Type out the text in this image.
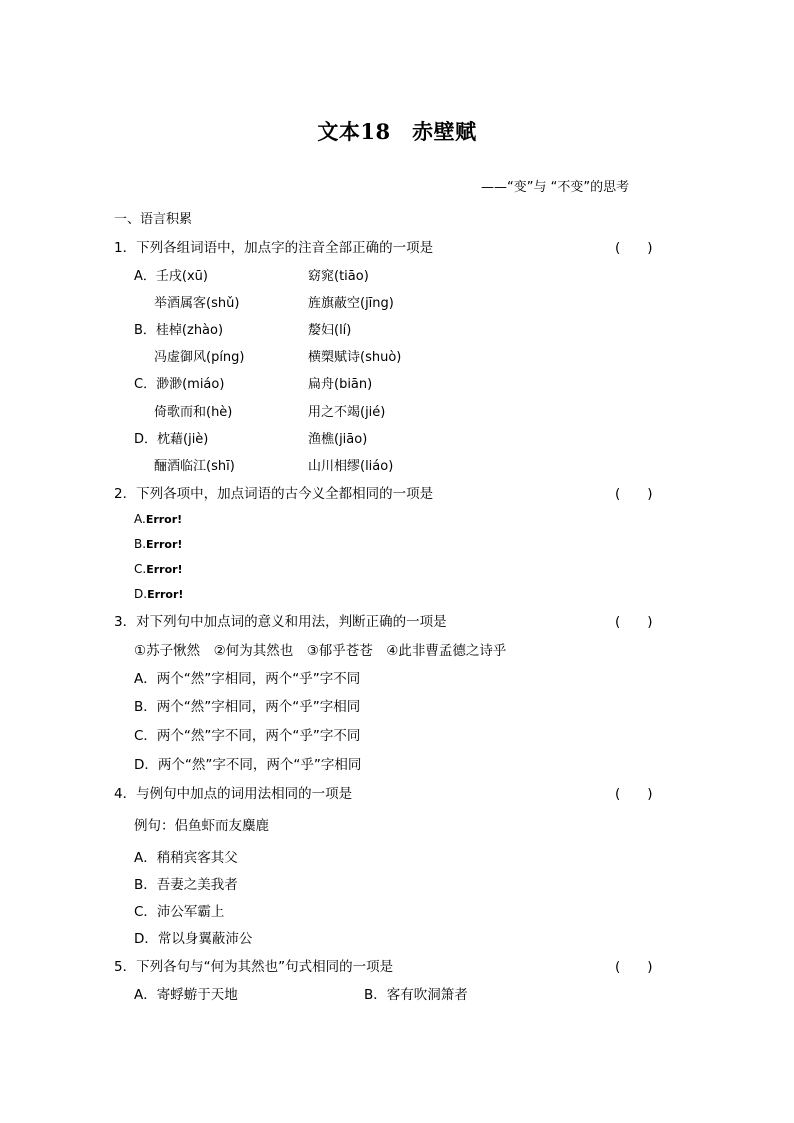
文本18　赤壁赋
——“变”与 “不变”的思考
一、语言积累
1．下列各组词语中，加点字的注音全部正确的一项是	(　　)
A．壬戌(xū)	窈窕(tiāo)
举酒属客(shǔ)	旌旗蔽空(jīng)
B．桂棹(zhào)	嫠妇(lí)
冯虚御风(píng)	横槊赋诗(shuò)
C．渺渺(miáo)	扁舟(biān)
倚歌而和(hè)	用之不竭(jié)
D．枕藉(jiè)	渔樵(jiāo)
酾酒临江(shī)	山川相缪(liáo)
2．下列各项中，加点词语的古今义全都相同的一项是	(　　)
A.Error!
B.Error!
C.Error!
D.Error!
3．对下列句中加点词的意义和用法，判断正确的一项是	(　　)
①苏子愀然　②何为其然也　③郁乎苍苍　④此非曹孟德之诗乎
A．两个“然”字相同，两个“乎”字不同
B．两个“然”字相同，两个“乎”字相同
C．两个“然”字不同，两个“乎”字不同
D．两个“然”字不同，两个“乎”字相同
4．与例句中加点的词用法相同的一项是	(　　)
例句：侣鱼虾而友麋鹿
A．稍稍宾客其父
B．吾妻之美我者
C．沛公军霸上
D．常以身翼蔽沛公
5．下列各句与“何为其然也”句式相同的一项是	(　　)
A．寄蜉蝣于天地	B．客有吹洞箫者
